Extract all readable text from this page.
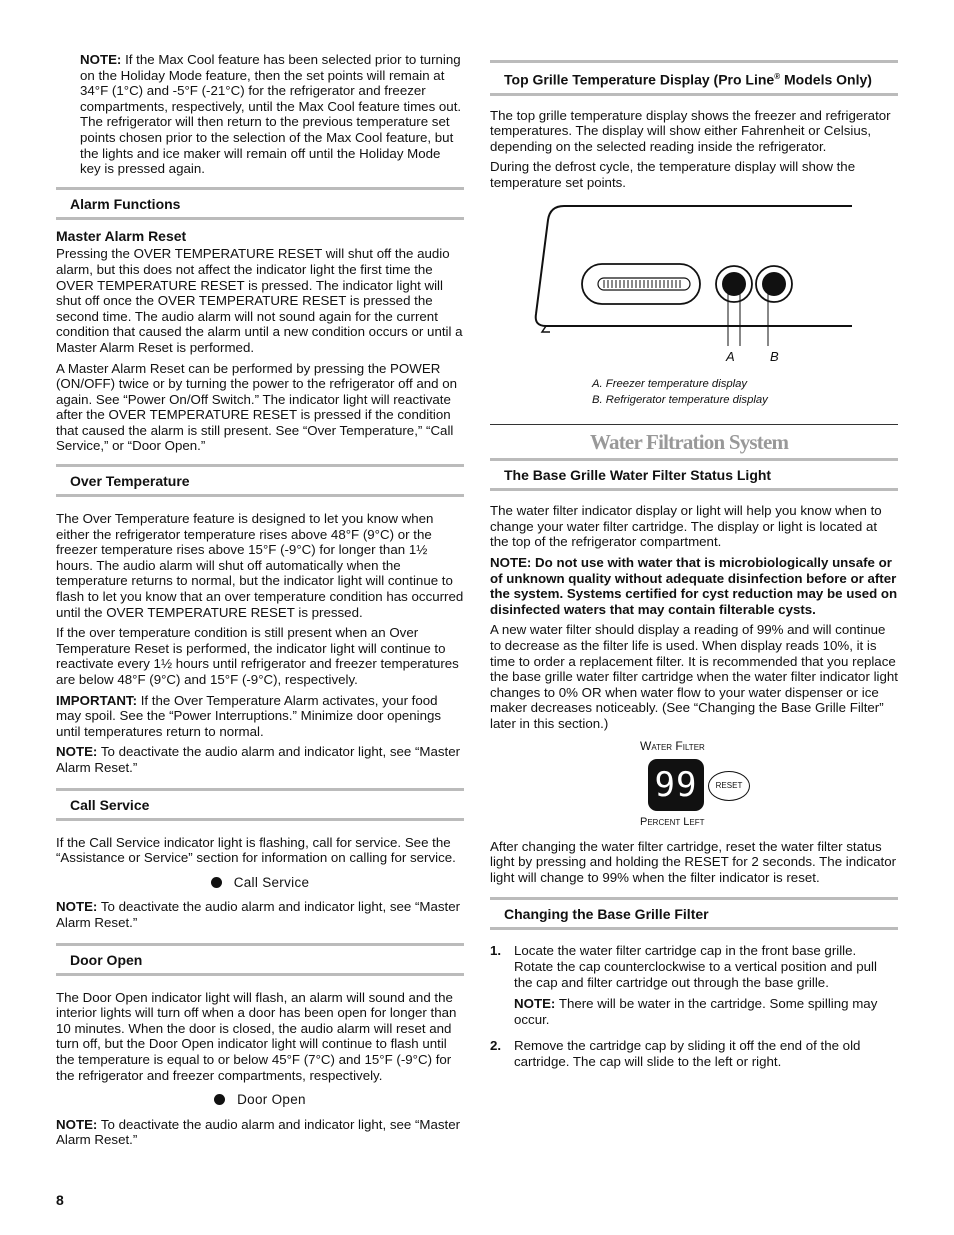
NOTE: If the Max Cool feature has been selected prior to turning on the Holiday Mode feature, then the set points will remain at 34°F (1°C) and -5°F (-21°C) for the refrigerator and freezer compartments, respectively, until the Max Cool feature times out. The refrigerator will then return to the previous temperature set points chosen prior to the selection of the Max Cool feature, but the lights and ice maker will remain off until the Holiday Mode key is pressed again.

Alarm Functions
Master Alarm Reset

Pressing the OVER TEMPERATURE RESET will shut off the audio alarm, but this does not affect the indicator light the first time the OVER TEMPERATURE RESET is pressed. The indicator light will shut off once the OVER TEMPERATURE RESET is pressed the second time. The audio alarm will not sound again for the current condition that caused the alarm until a new condition occurs or until a Master Alarm Reset is performed.

A Master Alarm Reset can be performed by pressing the POWER (ON/OFF) twice or by turning the power to the refrigerator off and on again. See “Power On/Off Switch.” The indicator light will reactivate after the OVER TEMPERATURE RESET is pressed if the condition that caused the alarm is still present. See “Over Temperature,” “Call Service,” or “Door Open.”

Over Temperature

The Over Temperature feature is designed to let you know when either the refrigerator temperature rises above 48°F (9°C) or the freezer temperature rises above 15°F (-9°C) for longer than 1½ hours. The audio alarm will shut off automatically when the temperature returns to normal, but the indicator light will continue to flash to let you know that an over temperature condition has occurred until the OVER TEMPERATURE RESET is pressed.

If the over temperature condition is still present when an Over Temperature Reset is performed, the indicator light will continue to reactivate every 1½ hours until refrigerator and freezer temperatures are below 48°F (9°C) and 15°F (-9°C), respectively.

IMPORTANT: If the Over Temperature Alarm activates, your food may spoil. See the “Power Interruptions.” Minimize door openings until temperatures return to normal.

NOTE: To deactivate the audio alarm and indicator light, see “Master Alarm Reset.”

Call Service

If the Call Service indicator light is flashing, call for service. See the “Assistance or Service” section for information on calling for service.

Call Service

NOTE: To deactivate the audio alarm and indicator light, see “Master Alarm Reset.”

Door Open

The Door Open indicator light will flash, an alarm will sound and the interior lights will turn off when a door has been open for longer than 10 minutes. When the door is closed, the audio alarm will reset and turn off, but the Door Open indicator light will continue to flash until the temperature is equal to or below 45°F (7°C) and 15°F (-9°C) for the refrigerator and freezer compartments, respectively.

Door Open

NOTE: To deactivate the audio alarm and indicator light, see “Master Alarm Reset.”

Top Grille Temperature Display (Pro Line® Models Only)

The top grille temperature display shows the freezer and refrigerator temperatures. The display will show either Fahrenheit or Celsius, depending on the selected reading inside the refrigerator.

During the defrost cycle, the temperature display will show the temperature set points.

A	B
A. Freezer temperature display
B. Refrigerator temperature display
Water Filtration System
The Base Grille Water Filter Status Light

The water filter indicator display or light will help you know when to change your water filter cartridge. The display or light is located at the top of the refrigerator compartment.

NOTE: Do not use with water that is microbiologically unsafe or of unknown quality without adequate disinfection before or after the system. Systems certified for cyst reduction may be used on disinfected waters that may contain filterable cysts.

A new water filter should display a reading of 99% and will continue to decrease as the filter life is used. When display reads 10%, it is time to order a replacement filter. It is recommended that you replace the base grille water filter cartridge when the water filter indicator light changes to 0% OR when water flow to your water dispenser or ice maker decreases noticeably. (See “Changing the Base Grille Filter” later in this section.)

Water Filter
99	RESET
Percent Left

After changing the water filter cartridge, reset the water filter status light by pressing and holding the RESET for 2 seconds. The indicator light will change to 99% when the filter indicator is reset.

Changing the Base Grille Filter
1. Locate the water filter cartridge cap in the front base grille. Rotate the cap counterclockwise to a vertical position and pull the cap and filter cartridge out through the base grille.

NOTE: There will be water in the cartridge. Some spilling may occur.

2. Remove the cartridge cap by sliding it off the end of the old cartridge. The cap will slide to the left or right.

8
